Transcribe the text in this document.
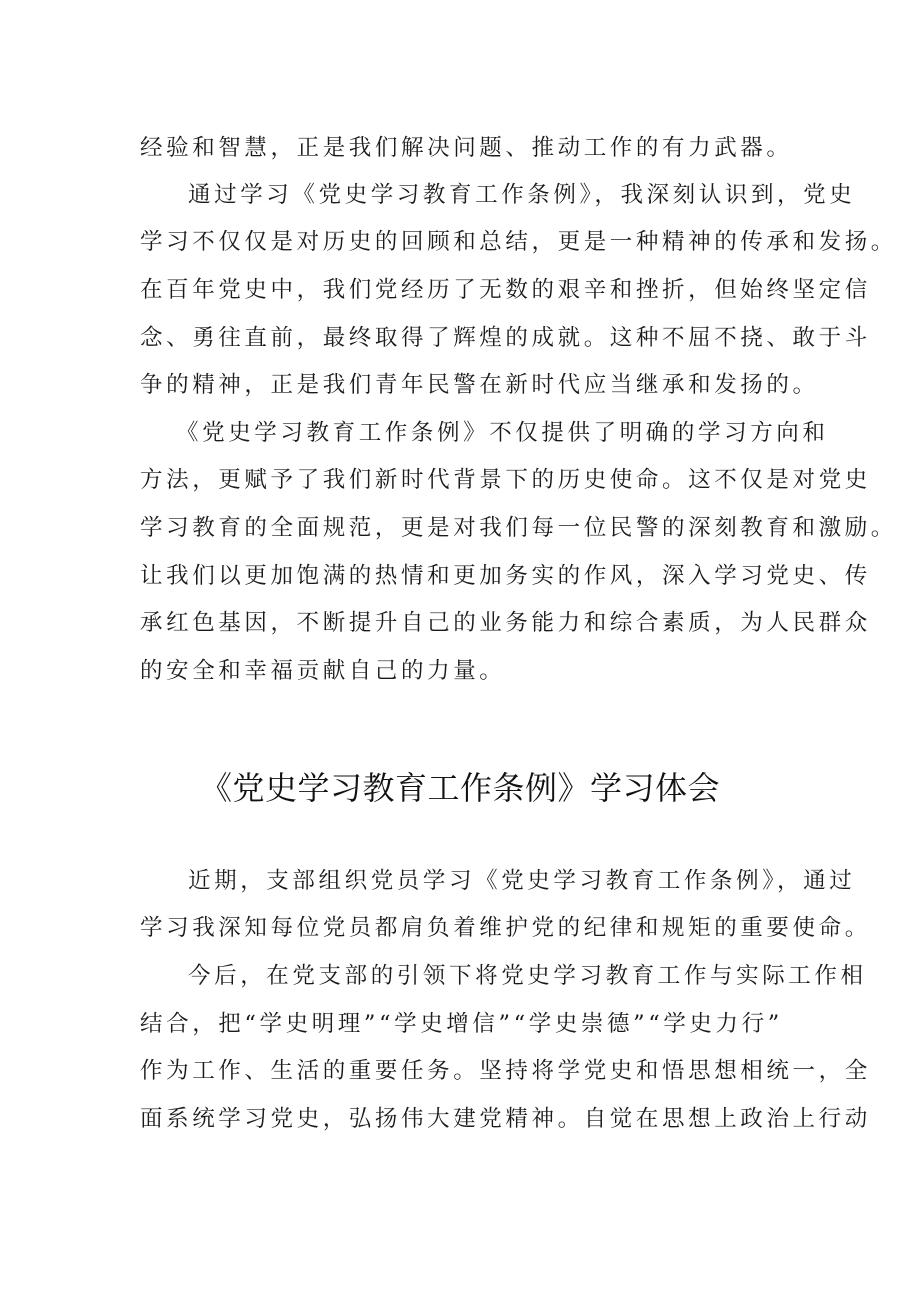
经验和智慧，正是我们解决问题、推动工作的有力武器。
通过学习《党史学习教育工作条例》，我深刻认识到，党史
学习不仅仅是对历史的回顾和总结，更是一种精神的传承和发扬。
在百年党史中，我们党经历了无数的艰辛和挫折，但始终坚定信
念、勇往直前，最终取得了辉煌的成就。这种不屈不挠、敢于斗
争的精神，正是我们青年民警在新时代应当继承和发扬的。
《党史学习教育工作条例》不仅提供了明确的学习方向和
方法，更赋予了我们新时代背景下的历史使命。这不仅是对党史
学习教育的全面规范，更是对我们每一位民警的深刻教育和激励。
让我们以更加饱满的热情和更加务实的作风，深入学习党史、传
承红色基因，不断提升自己的业务能力和综合素质，为人民群众
的安全和幸福贡献自己的力量。
《党史学习教育工作条例》学习体会
近期，支部组织党员学习《党史学习教育工作条例》，通过
学习我深知每位党员都肩负着维护党的纪律和规矩的重要使命。
今后，在党支部的引领下将党史学习教育工作与实际工作相
结合，把“学史明理”“学史增信”“学史崇德”“学史力行”
作为工作、生活的重要任务。坚持将学党史和悟思想相统一，全
面系统学习党史，弘扬伟大建党精神。自觉在思想上政治上行动
